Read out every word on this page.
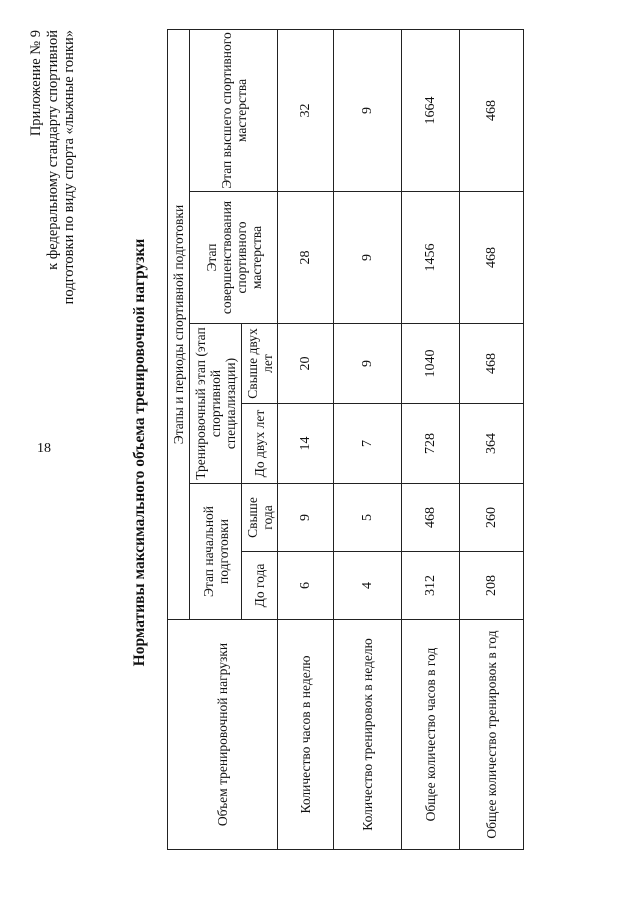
18
Приложение № 9 к федеральному стандарту спортивной подготовки по виду спорта «лыжные гонки»
Нормативы максимального объема тренировочной нагрузки
Объем тренировочной нагрузки	Этапы и периоды спортивной подготовки					
	Этап начальной подготовки		Тренировочный этап (этап спортивной специализации)		Этап совершенствования спортивного мастерства	Этап высшего спортивного мастерства
	До года	Свыше года	До двух лет	Свыше двух лет		
Количество часов в неделю	6	9	14	20	28	32
Количество тренировок в неделю	4	5	7	9	9	9
Общее количество часов в год	312	468	728	1040	1456	1664
Общее количество тренировок в год	208	260	364	468	468	468
